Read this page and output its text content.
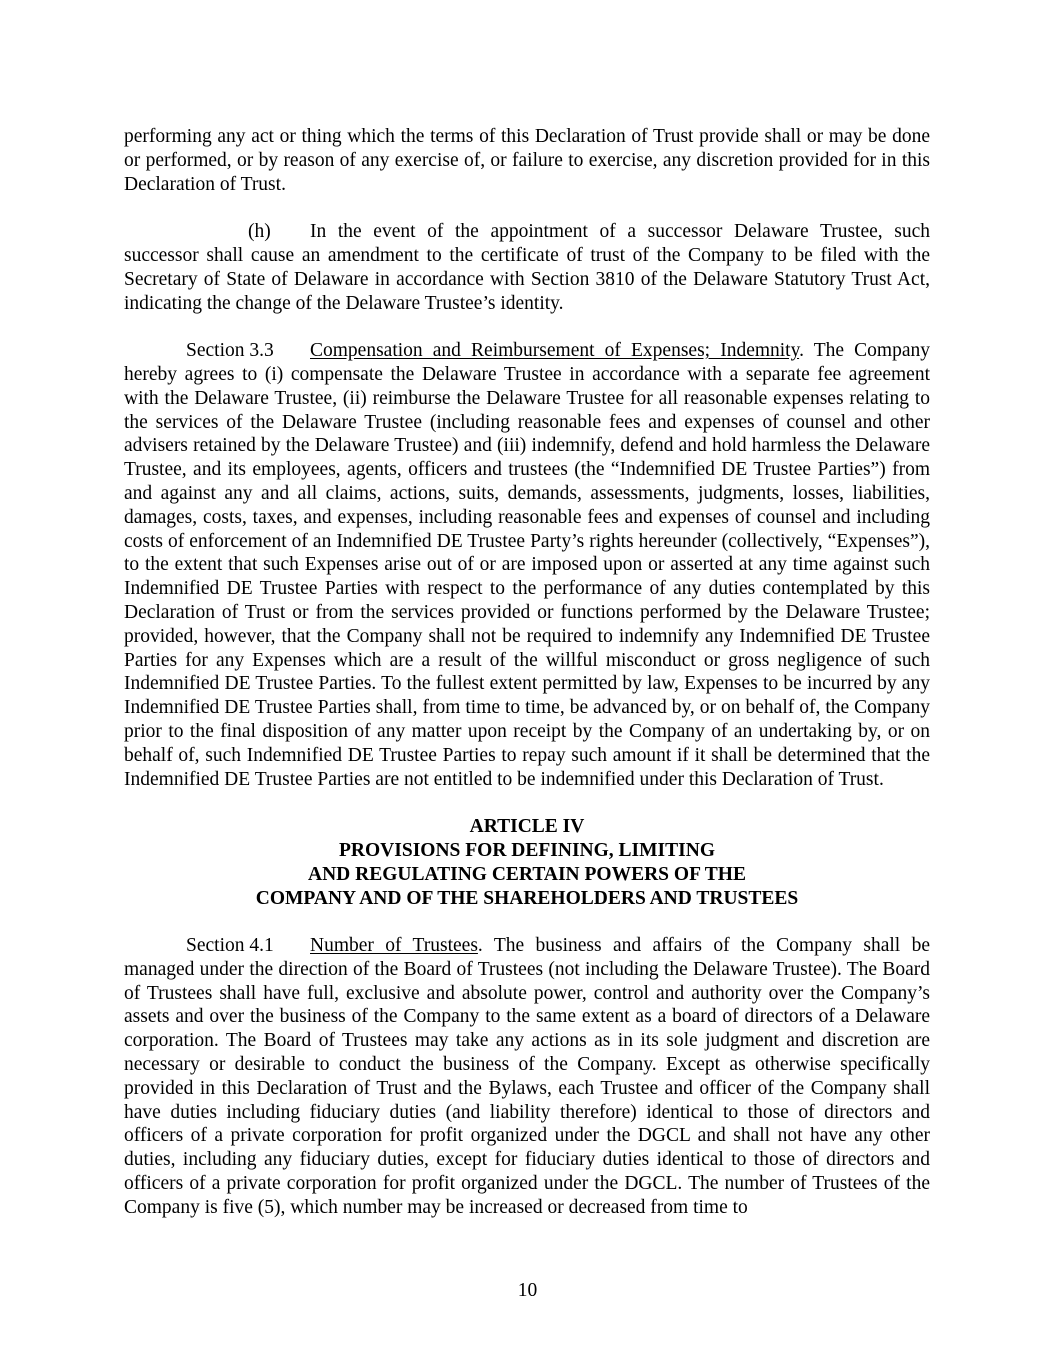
performing any act or thing which the terms of this Declaration of Trust provide shall or may be done or performed, or by reason of any exercise of, or failure to exercise, any discretion provided for in this Declaration of Trust.

(h) In the event of the appointment of a successor Delaware Trustee, such successor shall cause an amendment to the certificate of trust of the Company to be filed with the Secretary of State of Delaware in accordance with Section 3810 of the Delaware Statutory Trust Act, indicating the change of the Delaware Trustee’s identity.

Section 3.3 Compensation and Reimbursement of Expenses; Indemnity. The Company hereby agrees to (i) compensate the Delaware Trustee in accordance with a separate fee agreement with the Delaware Trustee, (ii) reimburse the Delaware Trustee for all reasonable expenses relating to the services of the Delaware Trustee (including reasonable fees and expenses of counsel and other advisers retained by the Delaware Trustee) and (iii) indemnify, defend and hold harmless the Delaware Trustee, and its employees, agents, officers and trustees (the “Indemnified DE Trustee Parties”) from and against any and all claims, actions, suits, demands, assessments, judgments, losses, liabilities, damages, costs, taxes, and expenses, including reasonable fees and expenses of counsel and including costs of enforcement of an Indemnified DE Trustee Party’s rights hereunder (collectively, “Expenses”), to the extent that such Expenses arise out of or are imposed upon or asserted at any time against such Indemnified DE Trustee Parties with respect to the performance of any duties contemplated by this Declaration of Trust or from the services provided or functions performed by the Delaware Trustee; provided, however, that the Company shall not be required to indemnify any Indemnified DE Trustee Parties for any Expenses which are a result of the willful misconduct or gross negligence of such Indemnified DE Trustee Parties. To the fullest extent permitted by law, Expenses to be incurred by any Indemnified DE Trustee Parties shall, from time to time, be advanced by, or on behalf of, the Company prior to the final disposition of any matter upon receipt by the Company of an undertaking by, or on behalf of, such Indemnified DE Trustee Parties to repay such amount if it shall be determined that the Indemnified DE Trustee Parties are not entitled to be indemnified under this Declaration of Trust.

ARTICLE IV
PROVISIONS FOR DEFINING, LIMITING
AND REGULATING CERTAIN POWERS OF THE
COMPANY AND OF THE SHAREHOLDERS AND TRUSTEES

Section 4.1 Number of Trustees. The business and affairs of the Company shall be managed under the direction of the Board of Trustees (not including the Delaware Trustee). The Board of Trustees shall have full, exclusive and absolute power, control and authority over the Company’s assets and over the business of the Company to the same extent as a board of directors of a Delaware corporation. The Board of Trustees may take any actions as in its sole judgment and discretion are necessary or desirable to conduct the business of the Company. Except as otherwise specifically provided in this Declaration of Trust and the Bylaws, each Trustee and officer of the Company shall have duties including fiduciary duties (and liability therefore) identical to those of directors and officers of a private corporation for profit organized under the DGCL and shall not have any other duties, including any fiduciary duties, except for fiduciary duties identical to those of directors and officers of a private corporation for profit organized under the DGCL. The number of Trustees of the Company is five (5), which number may be increased or decreased from time to

10
